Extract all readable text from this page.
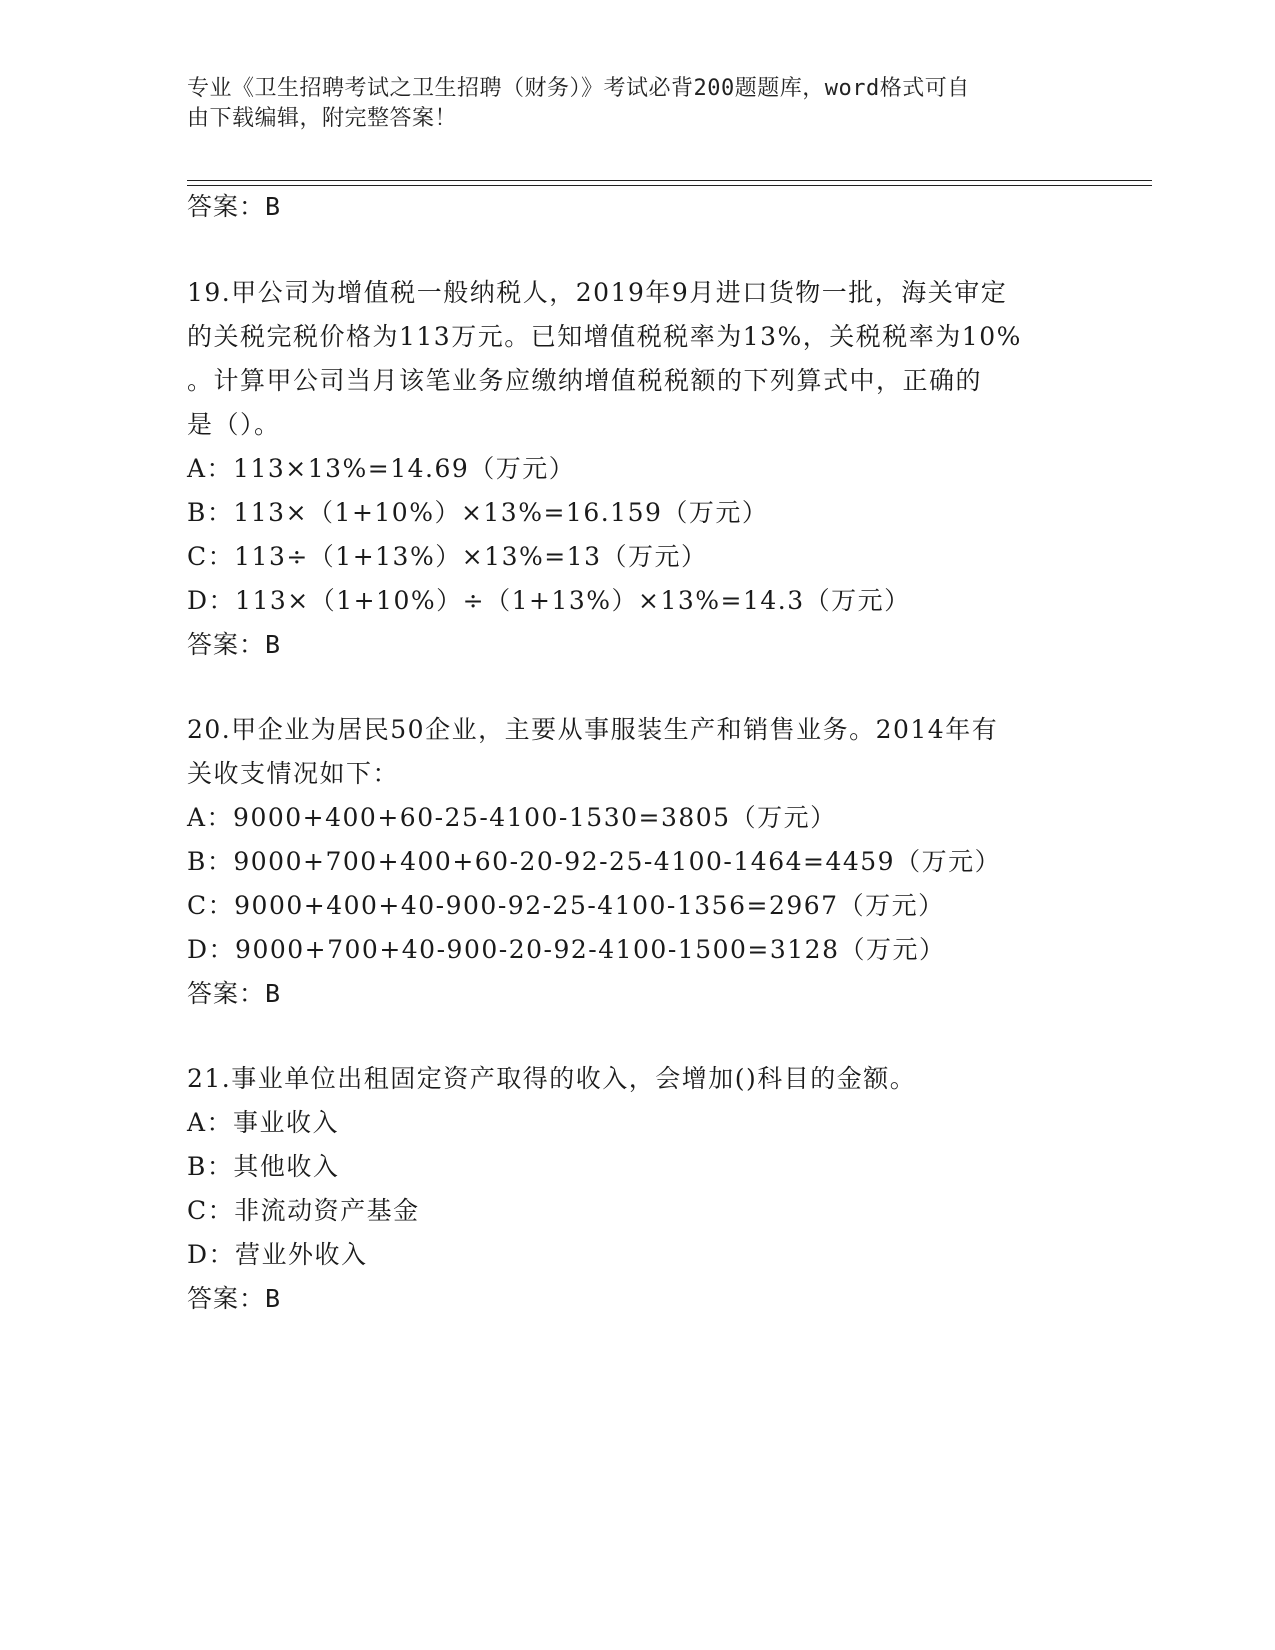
专业《卫生招聘考试之卫生招聘（财务）》考试必背200题题库，word格式可自
由下载编辑，附完整答案！
答案：B
19.甲公司为增值税一般纳税人，2019年9月进口货物一批，海关审定
的关税完税价格为113万元。已知增值税税率为13%，关税税率为10%
。计算甲公司当月该笔业务应缴纳增值税税额的下列算式中，正确的
是（）。
A：113×13%=14.69（万元）
B：113×（1+10%）×13%=16.159（万元）
C：113÷（1+13%）×13%=13（万元）
D：113×（1+10%）÷（1+13%）×13%=14.3（万元）
答案：B
20.甲企业为居民50企业，主要从事服装生产和销售业务。2014年有
关收支情况如下：
A：9000+400+60-25-4100-1530=3805（万元）
B：9000+700+400+60-20-92-25-4100-1464=4459（万元）
C：9000+400+40-900-92-25-4100-1356=2967（万元）
D：9000+700+40-900-20-92-4100-1500=3128（万元）
答案：B
21.事业单位出租固定资产取得的收入，会增加()科目的金额。
A：事业收入
B：其他收入
C：非流动资产基金
D：营业外收入
答案：B
